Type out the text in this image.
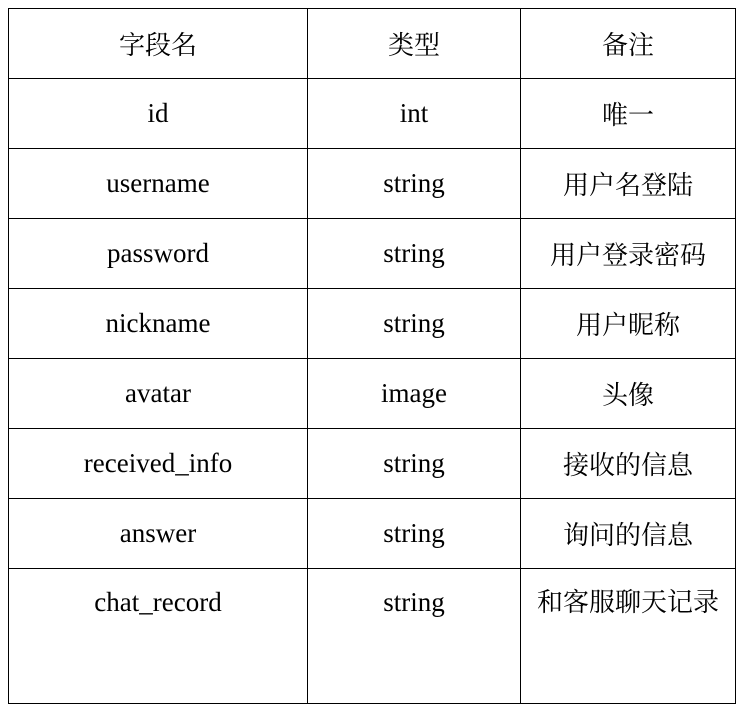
字段名	类型	备注
id	int	唯一
username	string	用户名登陆
password	string	用户登录密码
nickname	string	用户昵称
avatar	image	头像
received_info	string	接收的信息
answer	string	询问的信息
chat_record	string	和客服聊天记录
